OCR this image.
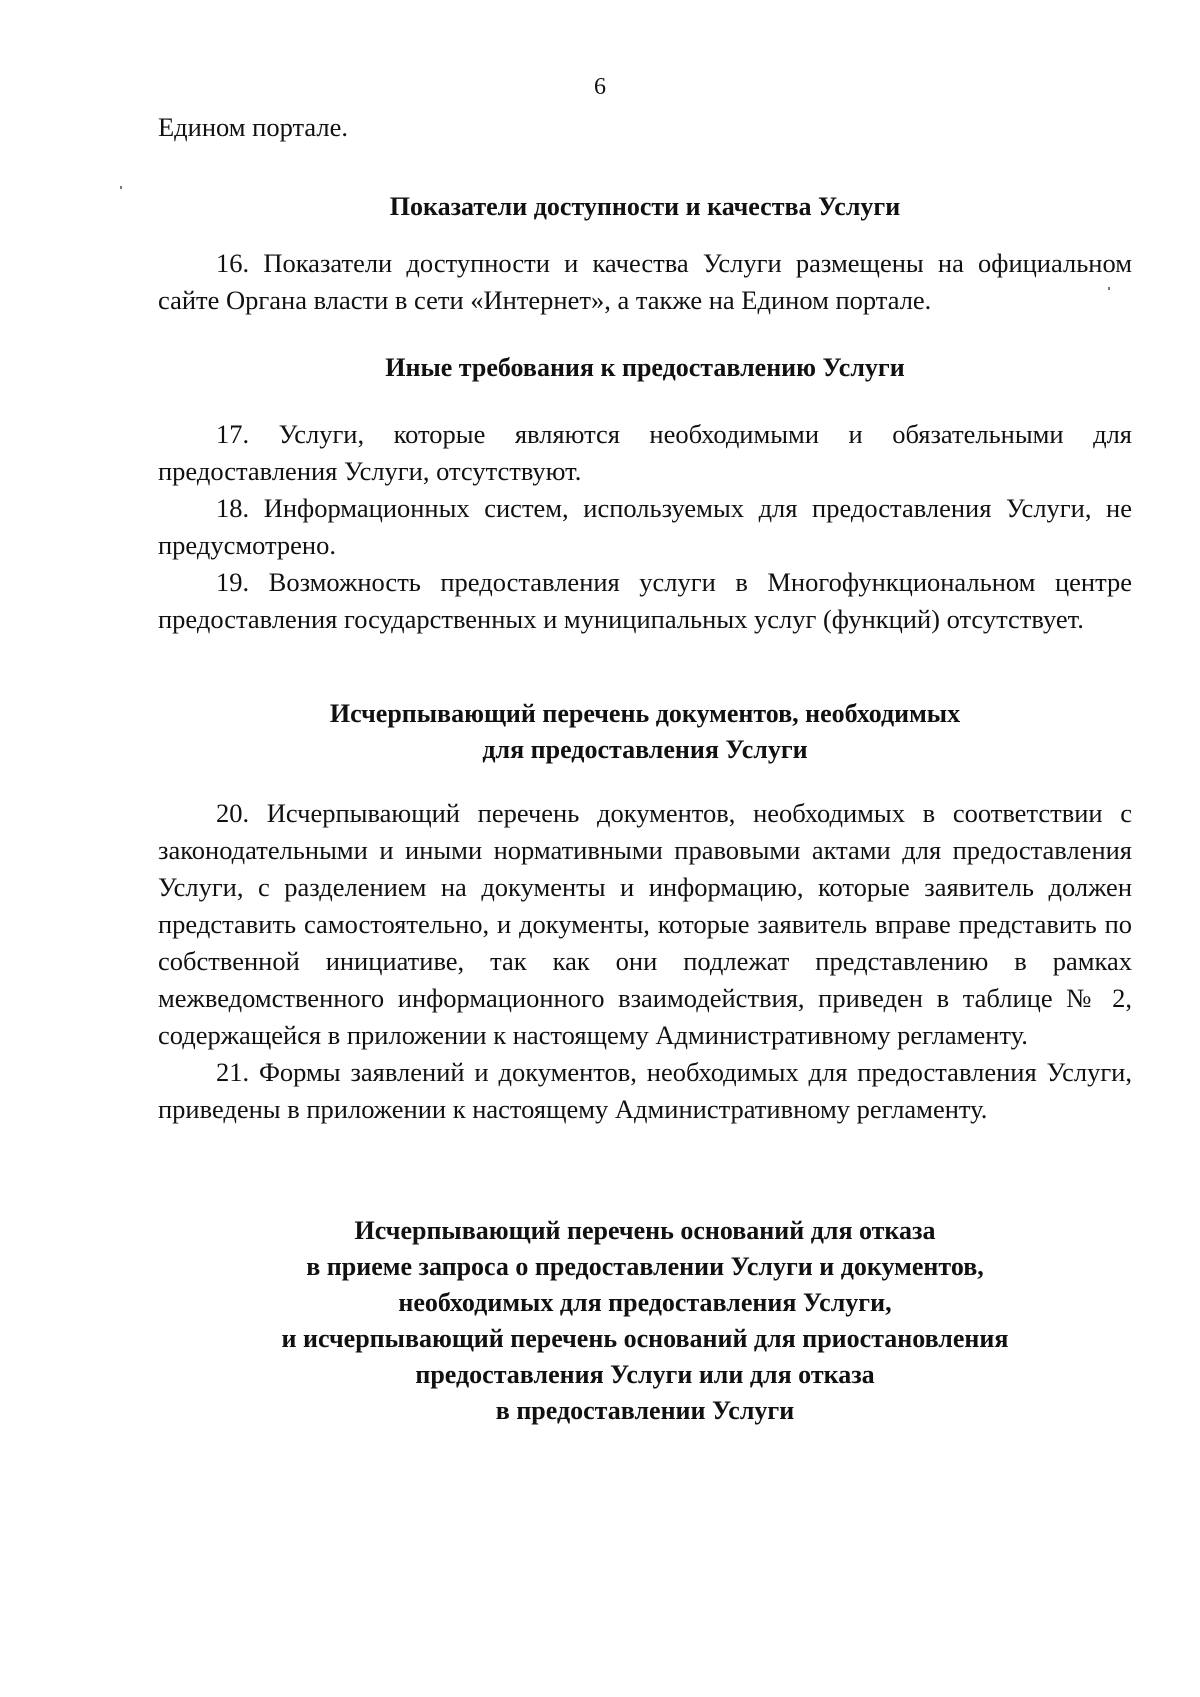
6

Едином портале.

Показатели доступности и качества Услуги

16. Показатели доступности и качества Услуги размещены на официальном сайте Органа власти в сети «Интернет», а также на Едином портале.

Иные требования к предоставлению Услуги

17. Услуги, которые являются необходимыми и обязательными для предоставления Услуги, отсутствуют.

18. Информационных систем, используемых для предоставления Услуги, не предусмотрено.

19. Возможность предоставления услуги в Многофункциональном центре предоставления государственных и муниципальных услуг (функций) отсутствует.

Исчерпывающий перечень документов, необходимых
для предоставления Услуги

20. Исчерпывающий перечень документов, необходимых в соответствии с законодательными и иными нормативными правовыми актами для предоставления Услуги, с разделением на документы и информацию, которые заявитель должен представить самостоятельно, и документы, которые заявитель вправе представить по собственной инициативе, так как они подлежат представлению в рамках межведомственного информационного взаимодействия, приведен в таблице № 2, содержащейся в приложении к настоящему Административному регламенту.

21. Формы заявлений и документов, необходимых для предоставления Услуги, приведены в приложении к настоящему Административному регламенту.

Исчерпывающий перечень оснований для отказа
в приеме запроса о предоставлении Услуги и документов,
необходимых для предоставления Услуги,
и исчерпывающий перечень оснований для приостановления
предоставления Услуги или для отказа
в предоставлении Услуги
